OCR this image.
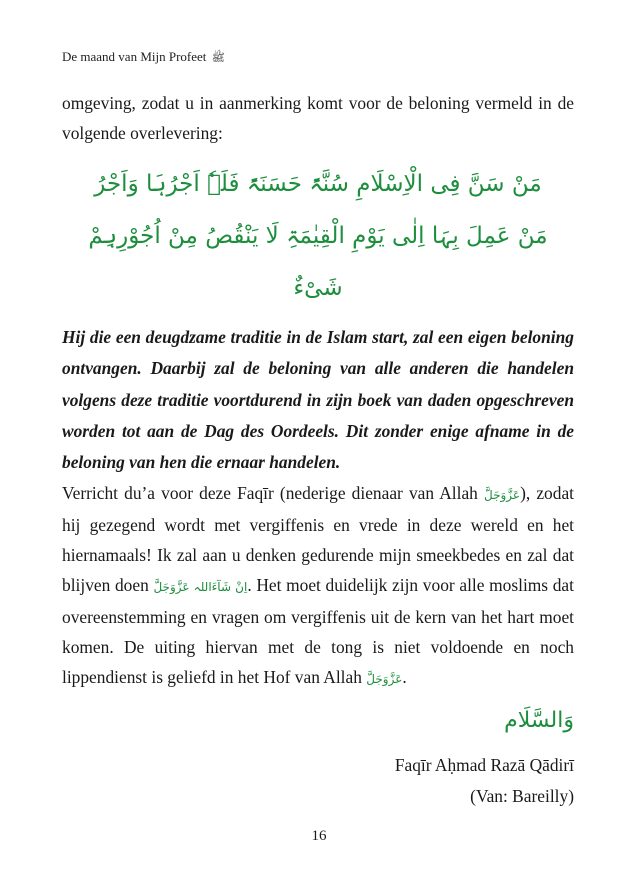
De maand van Mijn Profeet ﷺ

omgeving, zodat u in aanmerking komt voor de beloning vermeld in de volgende overlevering:

مَنْ سَنَّ فِی الْاِسْلَامِ سُنَّۃً حَسَنَۃً فَلَہٗ اَجْرُہَا وَاَجْرُ

مَنْ عَمِلَ بِہَا اِلٰی یَوْمِ الْقِیٰمَۃِ لَا یَنْقُصُ مِنْ اُجُوْرِہِمْ شَیْءٌ

Hij die een deugdzame traditie in de Islam start, zal een eigen beloning ontvangen. Daarbij zal de beloning van alle anderen die handelen volgens deze traditie voortdurend in zijn boek van daden opgeschreven worden tot aan de Dag des Oordeels. Dit zonder enige afname in de beloning van hen die ernaar handelen.

Verricht du’a voor deze Faqīr (nederige dienaar van Allah عَزَّوَجَلَّ), zodat hij gezegend wordt met vergiffenis en vrede in deze wereld en het hiernamaals! Ik zal aan u denken gedurende mijn smeekbedes en zal dat blijven doen اِنْ شَآءَاللہ عَزَّوَجَلَّ. Het moet duidelijk zijn voor alle moslims dat overeenstemming en vragen om vergiffenis uit de kern van het hart moet komen. De uiting hiervan met de tong is niet voldoende en noch lippendienst is geliefd in het Hof van Allah عَزَّوَجَلَّ.

وَالسَّلَام
Faqīr Aḥmad Razā Qādirī
(Van: Bareilly)
16
